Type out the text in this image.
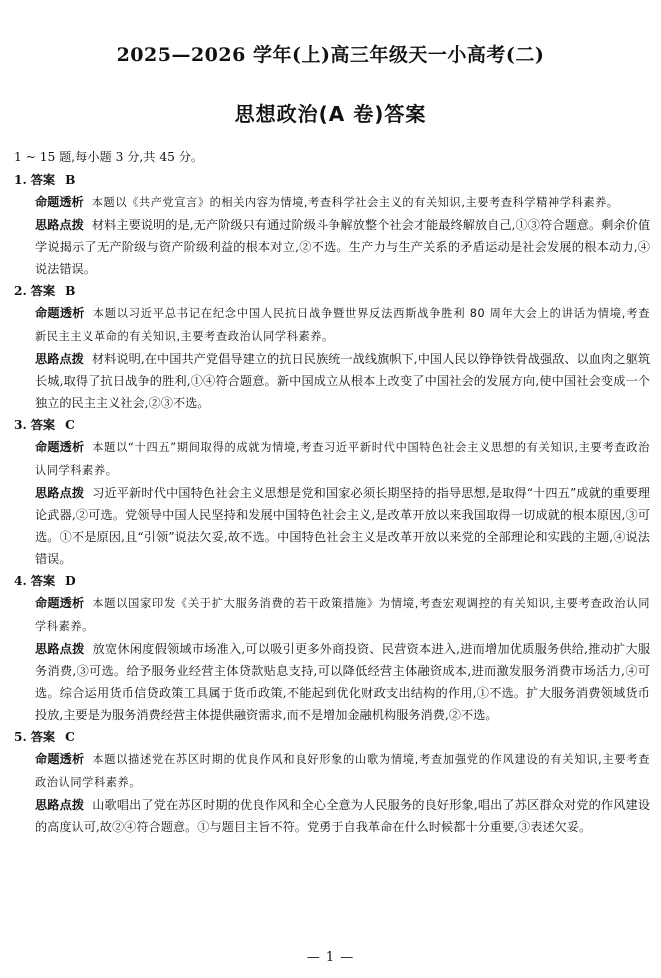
2025—2026 学年(上)高三年级天一小高考(二)
思想政治(A 卷)答案
1 ~ 15 题,每小题 3 分,共 45 分。
1. 答案 B

命题透析 本题以《共产党宣言》的相关内容为情境,考查科学社会主义的有关知识,主要考查科学精神学科素养。

思路点拨 材料主要说明的是,无产阶级只有通过阶级斗争解放整个社会才能最终解放自己,①③符合题意。剩余价值学说揭示了无产阶级与资产阶级利益的根本对立,②不选。生产力与生产关系的矛盾运动是社会发展的根本动力,④说法错误。

2. 答案 B

命题透析 本题以习近平总书记在纪念中国人民抗日战争暨世界反法西斯战争胜利 80 周年大会上的讲话为情境,考查新民主主义革命的有关知识,主要考查政治认同学科素养。

思路点拨 材料说明,在中国共产党倡导建立的抗日民族统一战线旗帜下,中国人民以铮铮铁骨战强敌、以血肉之躯筑长城,取得了抗日战争的胜利,①④符合题意。新中国成立从根本上改变了中国社会的发展方向,使中国社会变成一个独立的民主主义社会,②③不选。

3. 答案 C

命题透析 本题以“十四五”期间取得的成就为情境,考查习近平新时代中国特色社会主义思想的有关知识,主要考查政治认同学科素养。

思路点拨 习近平新时代中国特色社会主义思想是党和国家必须长期坚持的指导思想,是取得“十四五”成就的重要理论武器,②可选。党领导中国人民坚持和发展中国特色社会主义,是改革开放以来我国取得一切成就的根本原因,③可选。①不是原因,且“引领”说法欠妥,故不选。中国特色社会主义是改革开放以来党的全部理论和实践的主题,④说法错误。

4. 答案 D

命题透析 本题以国家印发《关于扩大服务消费的若干政策措施》为情境,考查宏观调控的有关知识,主要考查政治认同学科素养。

思路点拨 放宽休闲度假领域市场准入,可以吸引更多外商投资、民营资本进入,进而增加优质服务供给,推动扩大服务消费,③可选。给予服务业经营主体贷款贴息支持,可以降低经营主体融资成本,进而激发服务消费市场活力,④可选。综合运用货币信贷政策工具属于货币政策,不能起到优化财政支出结构的作用,①不选。扩大服务消费领域货币投放,主要是为服务消费经营主体提供融资需求,而不是增加金融机构服务消费,②不选。

5. 答案 C

命题透析 本题以描述党在苏区时期的优良作风和良好形象的山歌为情境,考查加强党的作风建设的有关知识,主要考查政治认同学科素养。

思路点拨 山歌唱出了党在苏区时期的优良作风和全心全意为人民服务的良好形象,唱出了苏区群众对党的作风建设的高度认可,故②④符合题意。①与题目主旨不符。党勇于自我革命在什么时候都十分重要,③表述欠妥。

— 1 —
